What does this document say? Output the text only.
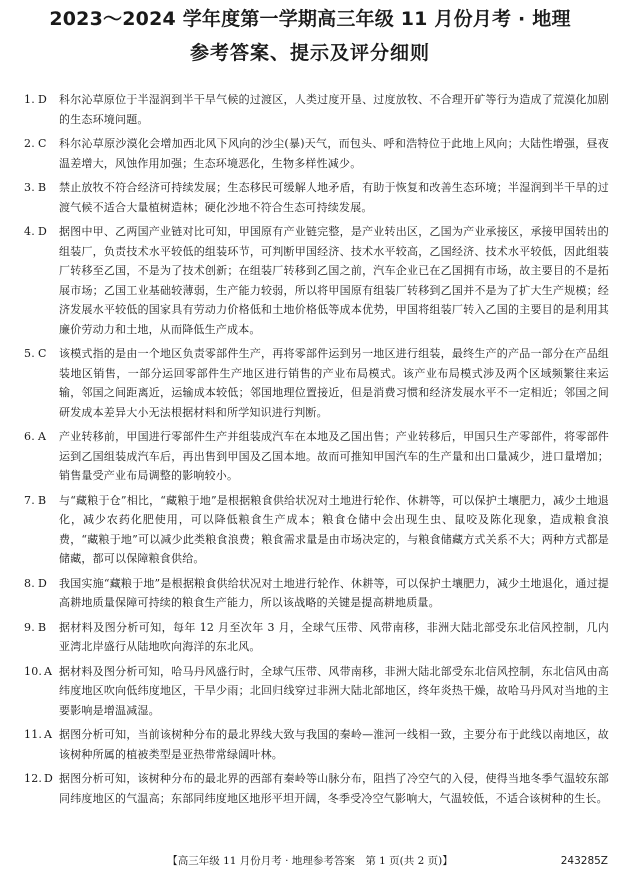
2023～2024 学年度第一学期高三年级 11 月份月考 · 地理
参考答案、提示及评分细则
1. D 科尔沁草原位于半湿润到半干旱气候的过渡区，人类过度开垦、过度放牧、不合理开矿等行为造成了荒漠化加剧的生态环境问题。
2. C 科尔沁草原沙漠化会增加西北风下风向的沙尘(暴)天气，而包头、呼和浩特位于此地上风向；大陆性增强，昼夜温差增大，风蚀作用加强；生态环境恶化，生物多样性减少。
3. B 禁止放牧不符合经济可持续发展；生态移民可缓解人地矛盾，有助于恢复和改善生态环境；半湿润到半干旱的过渡气候不适合大量植树造林；硬化沙地不符合生态可持续发展。
4. D 据图中甲、乙两国产业链对比可知，甲国原有产业链完整，是产业转出区，乙国为产业承接区，承接甲国转出的组装厂，负责技术水平较低的组装环节，可判断甲国经济、技术水平较高，乙国经济、技术水平较低，因此组装厂转移至乙国，不是为了技术创新；在组装厂转移到乙国之前，汽车企业已在乙国拥有市场，故主要目的不是拓展市场；乙国工业基础较薄弱，生产能力较弱，所以将甲国原有组装厂转移到乙国并不是为了扩大生产规模；经济发展水平较低的国家具有劳动力价格低和土地价格低等成本优势，甲国将组装厂转入乙国的主要目的是利用其廉价劳动力和土地，从而降低生产成本。
5. C 该模式指的是由一个地区负责零部件生产，再将零部件运到另一地区进行组装，最终生产的产品一部分在产品组装地区销售，一部分运回零部件生产地区进行销售的产业布局模式。该产业布局模式涉及两个区域频繁往来运输，邻国之间距离近，运输成本较低；邻国地理位置接近，但是消费习惯和经济发展水平不一定相近；邻国之间研发成本差异大小无法根据材料和所学知识进行判断。
6. A 产业转移前，甲国进行零部件生产并组装成汽车在本地及乙国出售；产业转移后，甲国只生产零部件，将零部件运到乙国组装成汽车后，再出售到甲国及乙国本地。故而可推知甲国汽车的生产量和出口量减少，进口量增加；销售量受产业布局调整的影响较小。
7. B 与“藏粮于仓”相比，“藏粮于地”是根据粮食供给状况对土地进行轮作、休耕等，可以保护土壤肥力，减少土地退化，减少农药化肥使用，可以降低粮食生产成本；粮食仓储中会出现生虫、鼠咬及陈化现象，造成粮食浪费，“藏粮于地”可以减少此类粮食浪费；粮食需求量是由市场决定的，与粮食储藏方式关系不大；两种方式都是储藏，都可以保障粮食供给。
8. D 我国实施“藏粮于地”是根据粮食供给状况对土地进行轮作、休耕等，可以保护土壤肥力，减少土地退化，通过提高耕地质量保障可持续的粮食生产能力，所以该战略的关键是提高耕地质量。
9. B 据材料及图分析可知，每年 12 月至次年 3 月，全球气压带、风带南移，非洲大陆北部受东北信风控制，几内亚湾北岸盛行从陆地吹向海洋的东北风。
10. A 据材料及图分析可知，哈马丹风盛行时，全球气压带、风带南移，非洲大陆北部受东北信风控制，东北信风由高纬度地区吹向低纬度地区，干旱少雨；北回归线穿过非洲大陆北部地区，终年炎热干燥，故哈马丹风对当地的主要影响是增温减湿。
11. A 据图分析可知，当前该树种分布的最北界线大致与我国的秦岭—淮河一线相一致，主要分布于此线以南地区，故该树种所属的植被类型是亚热带常绿阔叶林。
12. D 据图分析可知，该树种分布的最北界的西部有秦岭等山脉分布，阻挡了冷空气的入侵，使得当地冬季气温较东部同纬度地区的气温高；东部同纬度地区地形平坦开阔，冬季受冷空气影响大，气温较低，不适合该树种的生长。
【高三年级 11 月份月考 · 地理参考答案　第 1 页(共 2 页)】	243285Z
